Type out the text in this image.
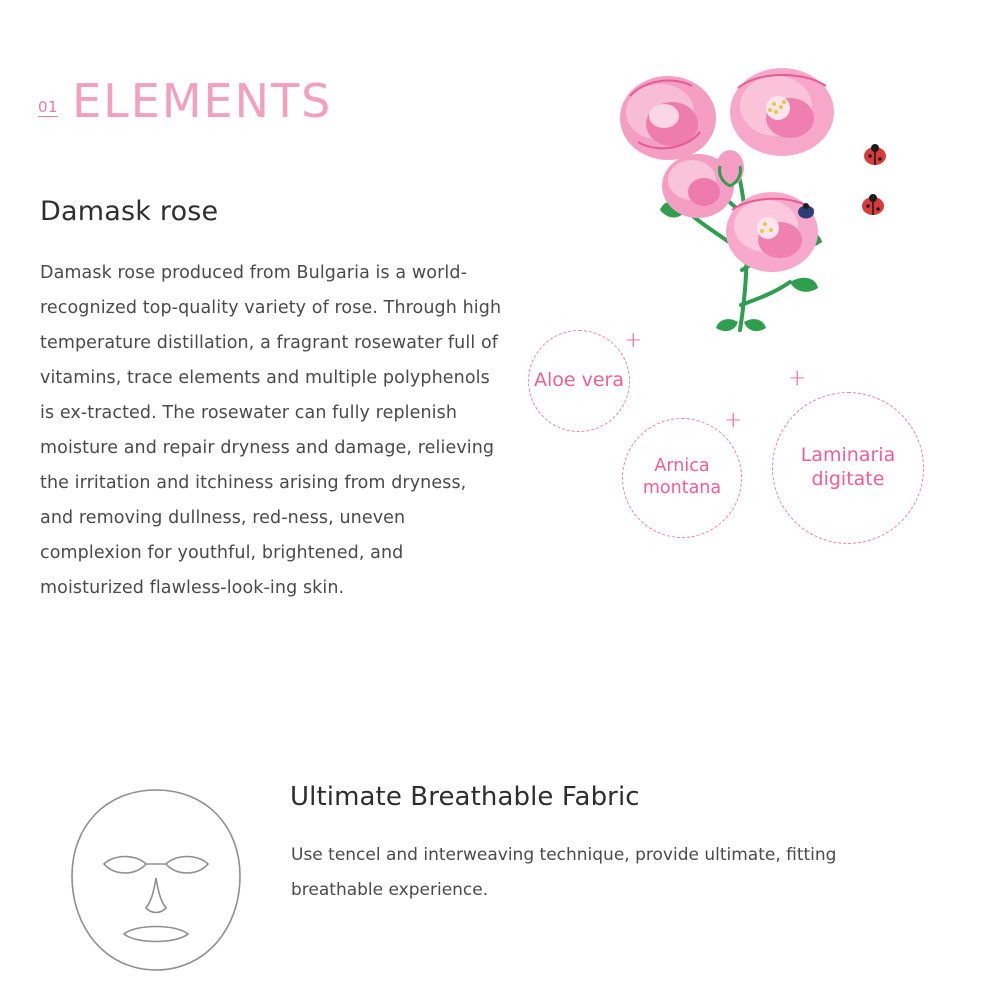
01 ELEMENTS
Damask rose
Damask rose produced from Bulgaria is a world-recognized top-quality variety of rose. Through high temperature distillation, a fragrant rosewater full of vitamins, trace elements and multiple polyphenols is ex-tracted. The rosewater can fully replenish moisture and repair dryness and damage, relieving the irritation and itchiness arising from dryness, and removing dullness, red-ness, uneven complexion for youthful, brightened, and moisturized flawless-look-ing skin.
+
+
+
Aloe vera
Arnica montana
Laminaria digitate
Ultimate Breathable Fabric
Use tencel and interweaving technique, provide ultimate, fitting breathable experience.
